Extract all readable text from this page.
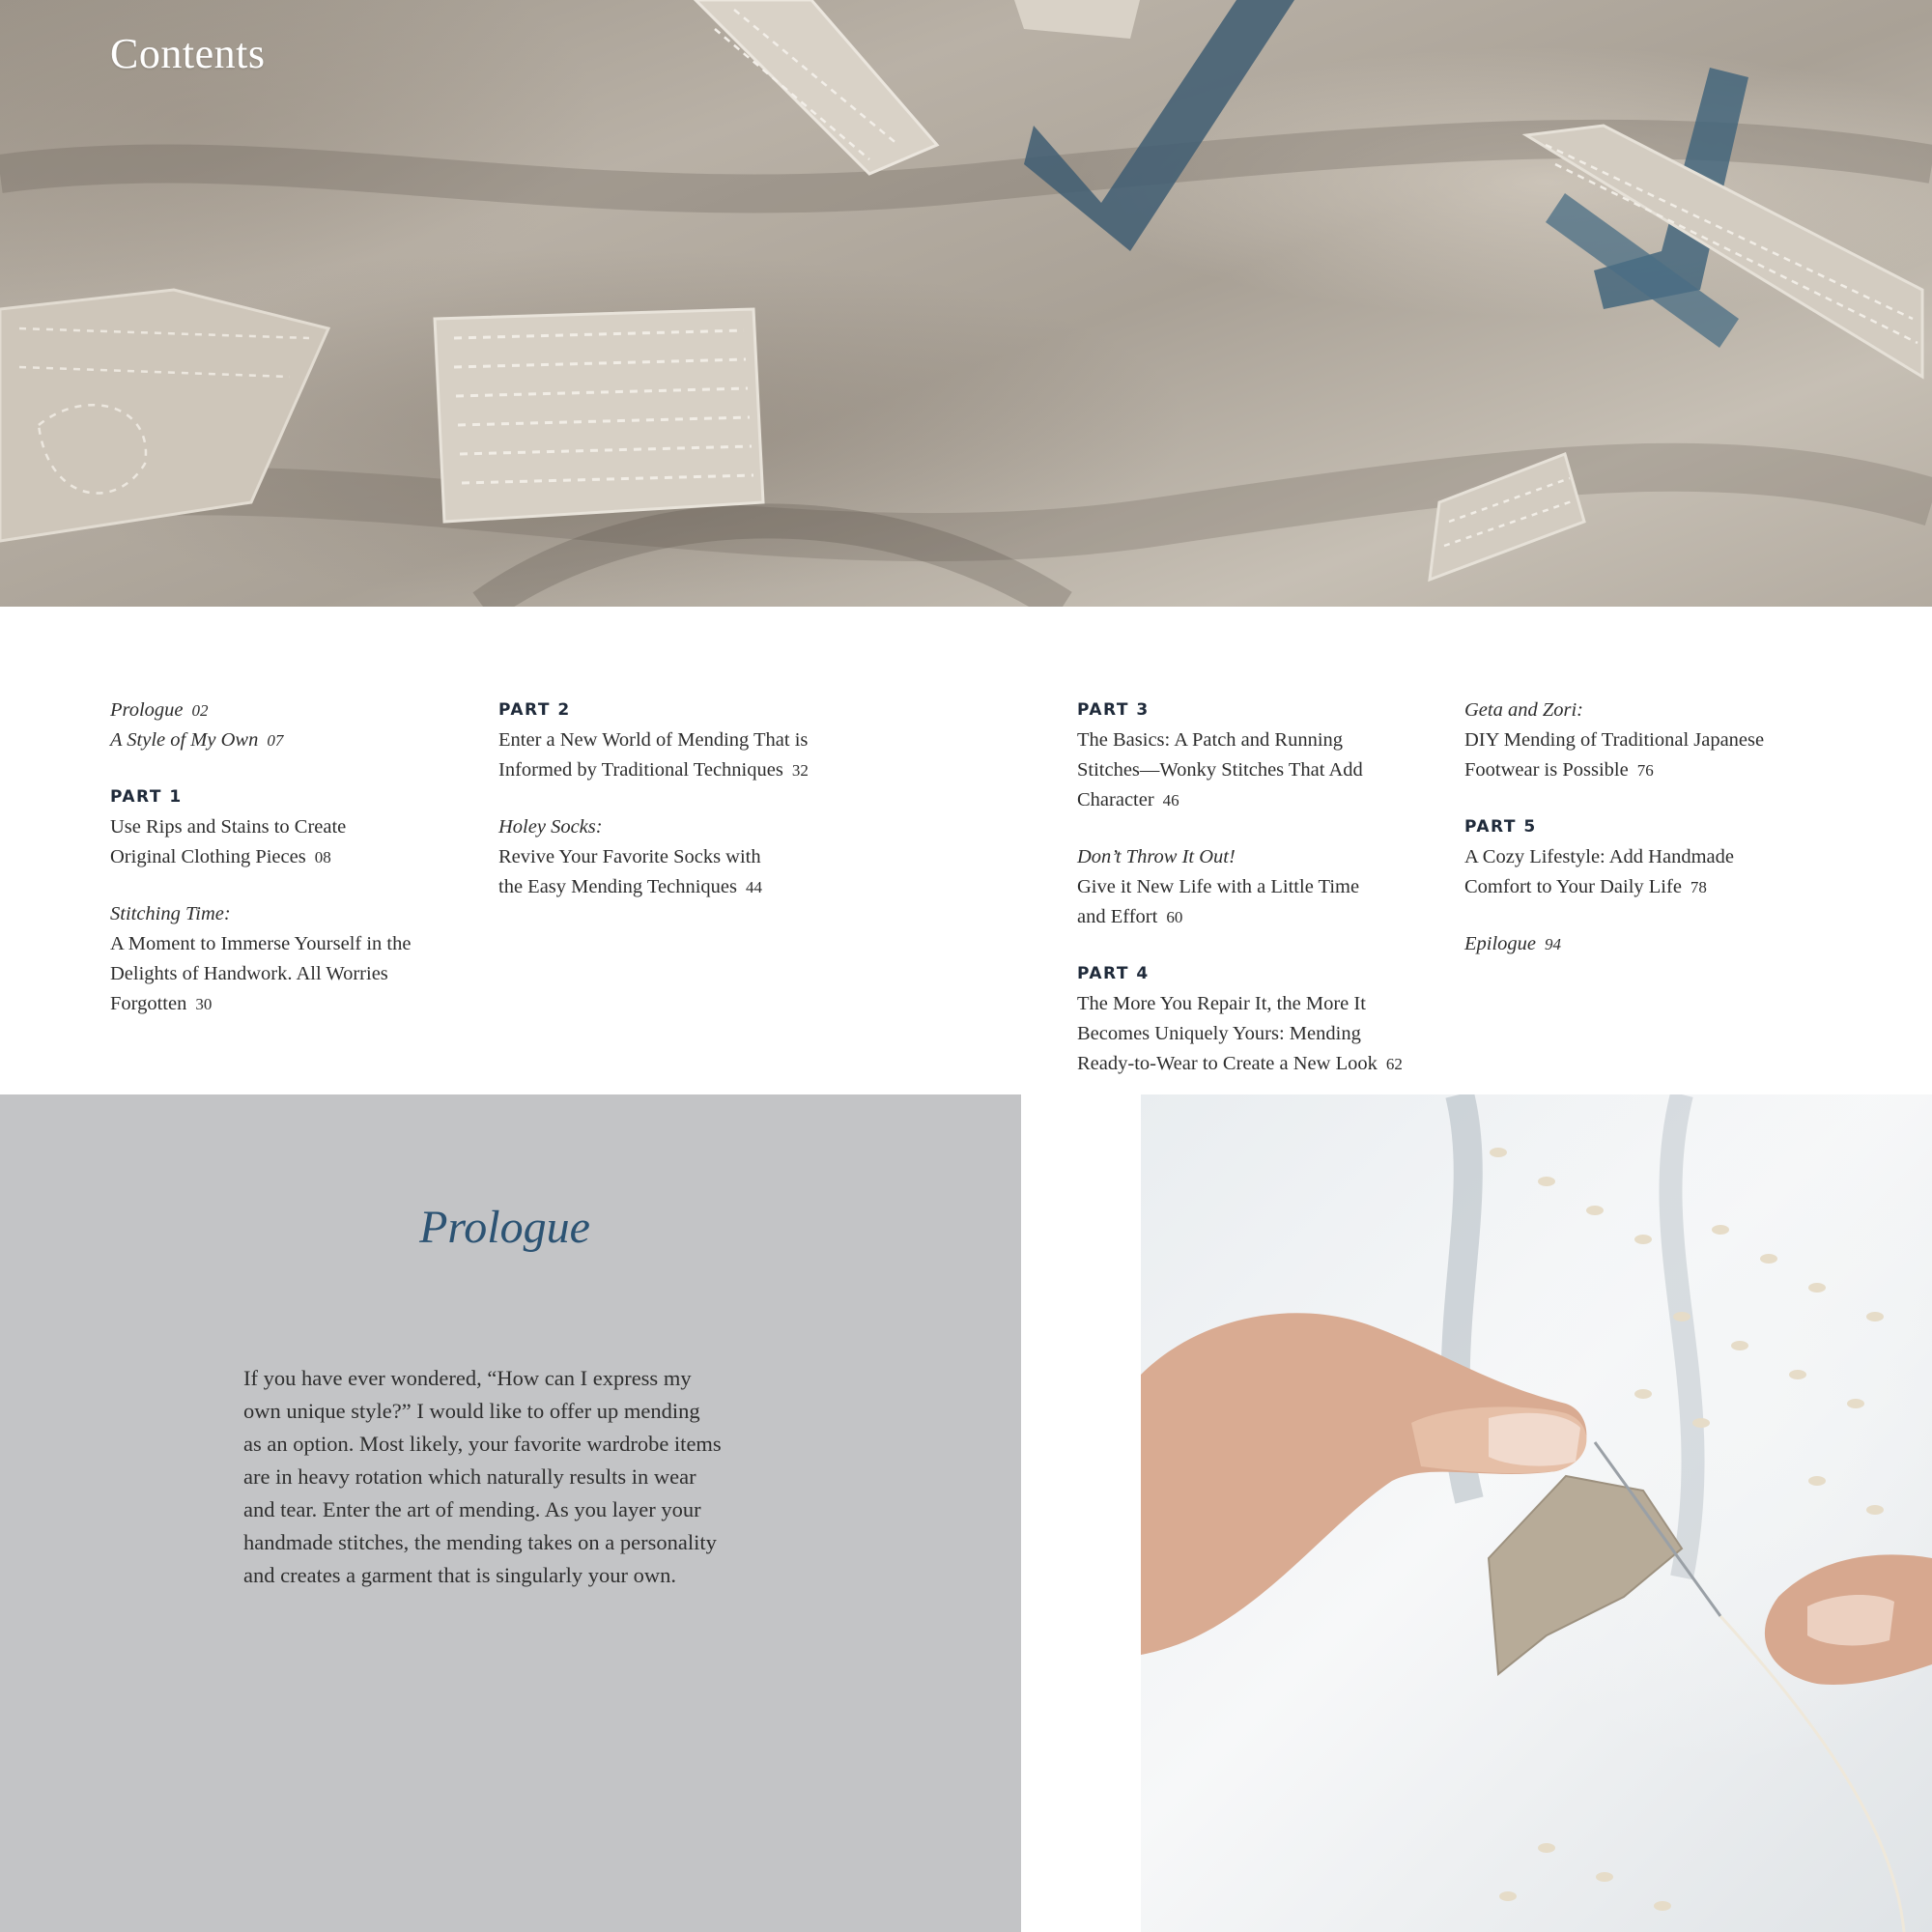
Contents

Prologue 02

A Style of My Own 07

PART 1
Use Rips and Stains to Create
Original Clothing Pieces 08

Stitching Time:
A Moment to Immerse Yourself in the
Delights of Handwork. All Worries
Forgotten 30

PART 2
Enter a New World of Mending That is
Informed by Traditional Techniques 32

Holey Socks:
Revive Your Favorite Socks with
the Easy Mending Techniques 44

PART 3
The Basics: A Patch and Running
Stitches—Wonky Stitches That Add
Character 46

Don’t Throw It Out!
Give it New Life with a Little Time
and Effort 60

PART 4
The More You Repair It, the More It
Becomes Uniquely Yours: Mending
Ready-to-Wear to Create a New Look 62

Geta and Zori:
DIY Mending of Traditional Japanese
Footwear is Possible 76

PART 5
A Cozy Lifestyle: Add Handmade
Comfort to Your Daily Life 78

Epilogue 94

Prologue

If you have ever wondered, “How can I express my
own unique style?” I would like to offer up mending
as an option. Most likely, your favorite wardrobe items
are in heavy rotation which naturally results in wear
and tear. Enter the art of mending. As you layer your
handmade stitches, the mending takes on a personality
and creates a garment that is singularly your own.
